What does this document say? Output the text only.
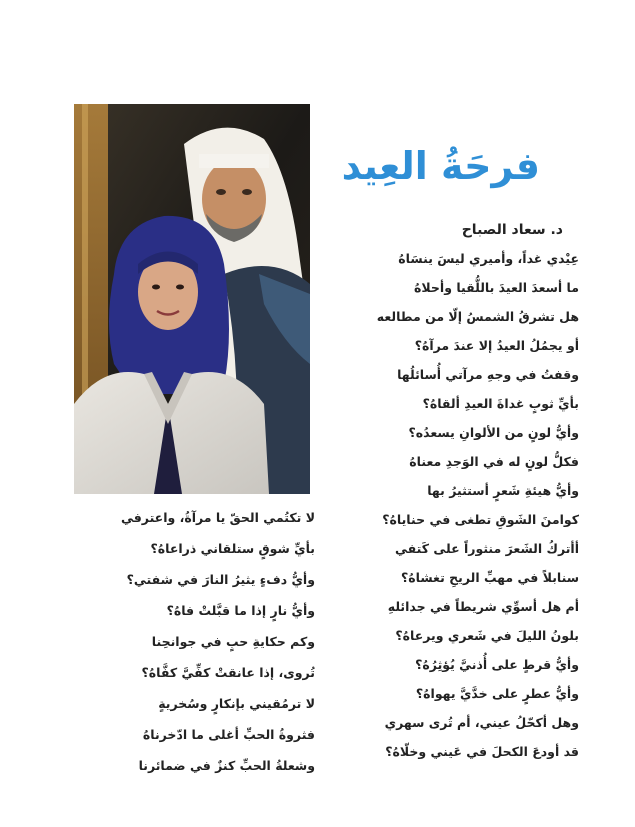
فرحَةُ العِيد
د. سعاد الصباح
عِيْدي غداً، وأميري ليسَ ينسَاهُ
ما أسعدَ العيدَ باللُّقيا وأحلاهُ
هل تشرقُ الشمسُ إلّا من مطالعه
أو يجمُلُ العيدُ إلا عندَ مرآهُ؟
وقفتُ في وجهِ مرآتي أُسائلُها
بأيِّ ثوبٍ غداةَ العيدِ ألقاهُ؟
وأيُّ لونٍ من الألوانِ يسعدُه؟
فكلُّ لونٍ له في الوَجدِ معناهُ
وأيُّ هيئةِ شَعرٍ أستثيرُ بها
كوامنَ الشَوقِ تطغى في حناياهُ؟
أأتركُ الشَعرَ منثوراً على كَتفي
سنابلاً في مهبِّ الريحِ تغشاهُ؟
أم هل أسوِّي شريطاً في جدائلهِ
بلونُ الليلَ في شَعري ويرعاهُ؟
وأيُّ قرطٍ على أُذنيَّ يُؤثِرُهُ؟
وأيُّ عطرٍ على خدَّيَّ يهواهُ؟
وهل أكحّلُ عيني، أم تُرى سهري
قد أودعَ الكحلَ في عَيني وخلّاهُ؟
لا تكتُمي الحقّ يا مرآةُ، واعترفي
بأيِّ شوقٍ ستلقاني ذراعاهُ؟
وأيُّ دفءٍ يثيرُ النارَ في شفتي؟
وأيُّ نارٍ إذا ما قبَّلتْ فاهُ؟
وكم حكايةِ حبٍ في جوانحِنا
تُروى، إذا عانقتْ كفِّيَّ كفَّاهُ؟
لا ترمُقيني بإنكارٍ وسُخريةٍ
فثروةُ الحبِّ أغلى ما ادّخرناهُ
وشعلةُ الحبِّ كنزٌ في ضمائرنا
